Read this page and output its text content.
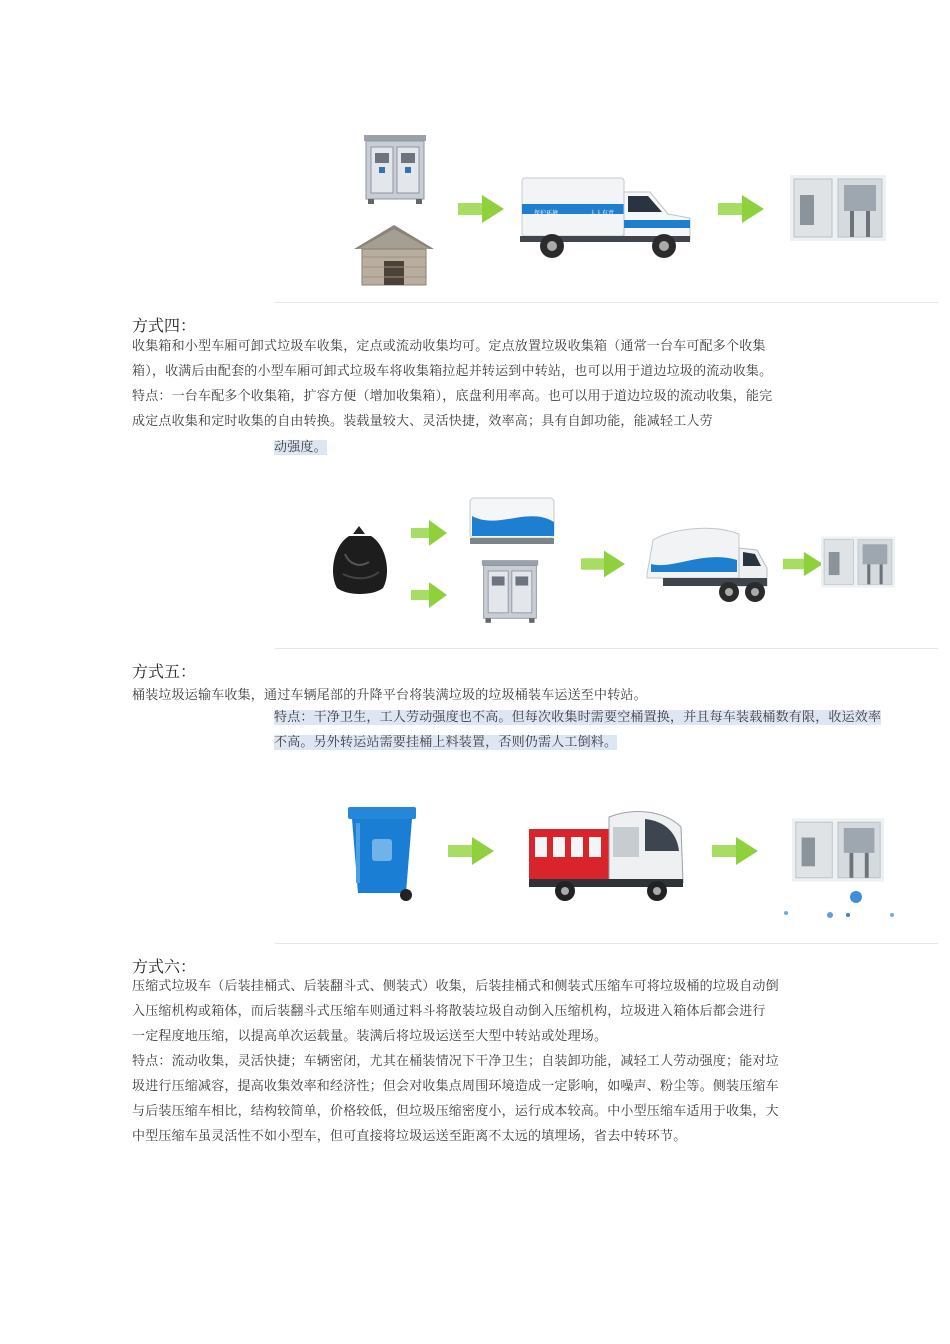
保护环境	人人有责
方式四：
收集箱和小型车厢可卸式垃圾车收集，定点或流动收集均可。定点放置垃圾收集箱（通常一台车可配多个收集
箱），收满后由配套的小型车厢可卸式垃圾车将收集箱拉起并转运到中转站，也可以用于道边垃圾的流动收集。
特点：一台车配多个收集箱，扩容方便（增加收集箱），底盘利用率高。也可以用于道边垃圾的流动收集，能完
成定点收集和定时收集的自由转换。装载量较大、灵活快捷，效率高；具有自卸功能，能减轻工人劳
动强度。
方式五：
桶装垃圾运输车收集，通过车辆尾部的升降平台将装满垃圾的垃圾桶装车运送至中转站。
特点：干净卫生，工人劳动强度也不高。但每次收集时需要空桶置换，并且每车装载桶数有限，收运效率
不高。另外转运站需要挂桶上料装置，否则仍需人工倒料。
方式六：
压缩式垃圾车（后装挂桶式、后装翻斗式、侧装式）收集，后装挂桶式和侧装式压缩车可将垃圾桶的垃圾自动倒
入压缩机构或箱体，而后装翻斗式压缩车则通过料斗将散装垃圾自动倒入压缩机构，垃圾进入箱体后都会进行
一定程度地压缩，以提高单次运载量。装满后将垃圾运送至大型中转站或处理场。
特点：流动收集，灵活快捷；车辆密闭，尤其在桶装情况下干净卫生；自装卸功能，减轻工人劳动强度；能对垃
圾进行压缩减容，提高收集效率和经济性；但会对收集点周围环境造成一定影响，如噪声、粉尘等。侧装压缩车
与后装压缩车相比，结构较简单，价格较低，但垃圾压缩密度小，运行成本较高。中小型压缩车适用于收集，大
中型压缩车虽灵活性不如小型车，但可直接将垃圾运送至距离不太远的填埋场，省去中转环节。
